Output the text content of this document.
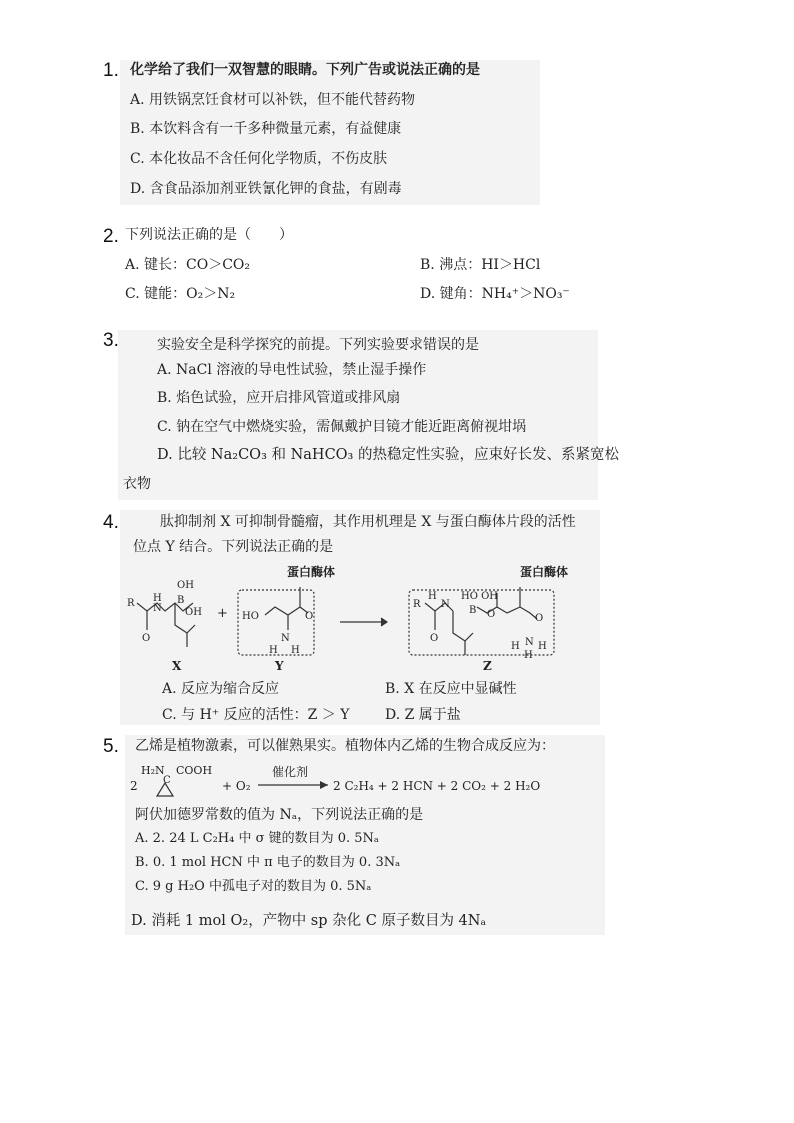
1. 化学给了我们一双智慧的眼睛。下列广告或说法正确的是
A. 用铁锅烹饪食材可以补铁，但不能代替药物
B. 本饮料含有一千多种微量元素，有益健康
C. 本化妆品不含任何化学物质，不伤皮肤
D. 含食品添加剂亚铁氰化钾的食盐，有剧毒
2. 下列说法正确的是（　　）
A. 键长：CO＞CO₂	B. 沸点：HI＞HCl
C. 键能：O₂＞N₂	D. 键角：NH₄⁺＞NO₃⁻
3.	实验安全是科学探究的前提。下列实验要求错误的是
A. NaCl 溶液的导电性试验，禁止湿手操作
B. 焰色试验，应开启排风管道或排风扇
C. 钠在空气中燃烧实验，需佩戴护目镜才能近距离俯视坩埚
D. 比较 Na₂CO₃ 和 NaHCO₃ 的热稳定性实验，应束好长发、系紧宽松
衣物
4.	肽抑制剂 X 可抑制骨髓瘤，其作用机理是 X 与蛋白酶体片段的活性
位点 Y 结合。下列说法正确的是
蛋白酶体	蛋白酶体
R H
N
OH
B
OH
O
+ HO	O
N
H H
R
H
N
HO OH
B O
O
O
N
H H
H
X	Y	Z
A. 反应为缩合反应	B. X 在反应中显碱性
C. 与 H⁺ 反应的活性：Z ＞ Y	D. Z 属于盐
5. 乙烯是植物激素，可以催熟果实。植物体内乙烯的生物合成反应为：
2
H₂N COOH
C	+ O₂
催化剂
2 C₂H₄ + 2 HCN + 2 CO₂ + 2 H₂O
阿伏加德罗常数的值为 Nₐ，下列说法正确的是
A. 2. 24 L C₂H₄ 中 σ 键的数目为 0. 5Nₐ
B. 0. 1 mol HCN 中 π 电子的数目为 0. 3Nₐ
C. 9 g H₂O 中孤电子对的数目为 0. 5Nₐ
D. 消耗 1 mol O₂，产物中 sp 杂化 C 原子数目为 4Nₐ
